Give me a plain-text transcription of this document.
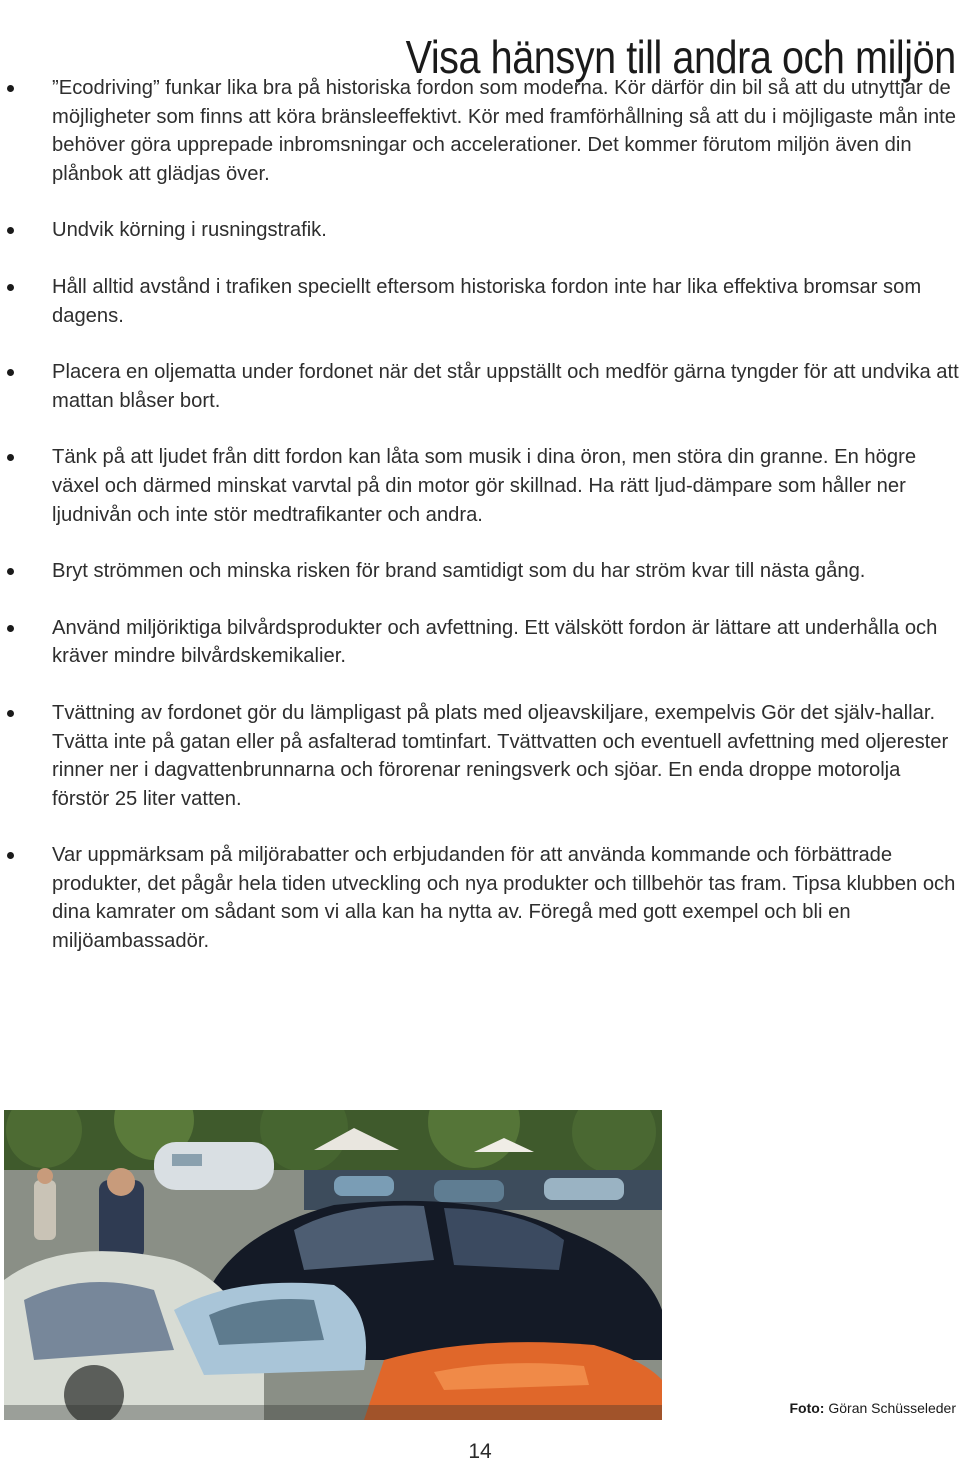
Visa hänsyn till andra och miljön
”Ecodriving” funkar lika bra på historiska fordon som moderna. Kör därför din bil så att du utnyttjar de möjligheter som finns att köra bränsleeffektivt. Kör med framförhållning så att du i möjligaste mån inte behöver göra upprepade inbromsningar och accelerationer. Det kommer förutom miljön även din plånbok att glädjas över.
Undvik körning i rusningstrafik.
Håll alltid avstånd i trafiken speciellt eftersom historiska fordon inte har lika effektiva bromsar som dagens.
Placera en oljematta under fordonet när det står uppställt och medför gärna tyngder för att undvika att mattan blåser bort.
Tänk på att ljudet från ditt fordon kan låta som musik i dina öron, men störa din granne. En högre växel och därmed minskat varvtal på din motor gör skillnad. Ha rätt ljud-dämpare som håller ner ljudnivån och inte stör medtrafikanter och andra.
Bryt strömmen och minska risken för brand samtidigt som du har ström kvar till nästa gång.
Använd miljöriktiga bilvårdsprodukter och avfettning. Ett välskött fordon är lättare att underhålla och kräver mindre bilvårdskemikalier.
Tvättning av fordonet gör du lämpligast på plats med oljeavskiljare, exempelvis Gör det själv-hallar. Tvätta inte på gatan eller på asfalterad tomtinfart. Tvättvatten och eventuell avfettning med oljerester rinner ner i dagvattenbrunnarna och förorenar reningsverk och sjöar. En enda droppe motorolja förstör 25 liter vatten.
Var uppmärksam på miljörabatter och erbjudanden för att använda kommande och förbättrade produkter, det pågår hela tiden utveckling och nya produkter och tillbehör tas fram. Tipsa klubben och dina kamrater om sådant som vi alla kan ha nytta av. Föregå med gott exempel och bli en miljöambassadör.
Foto: Göran Schüsseleder
14
